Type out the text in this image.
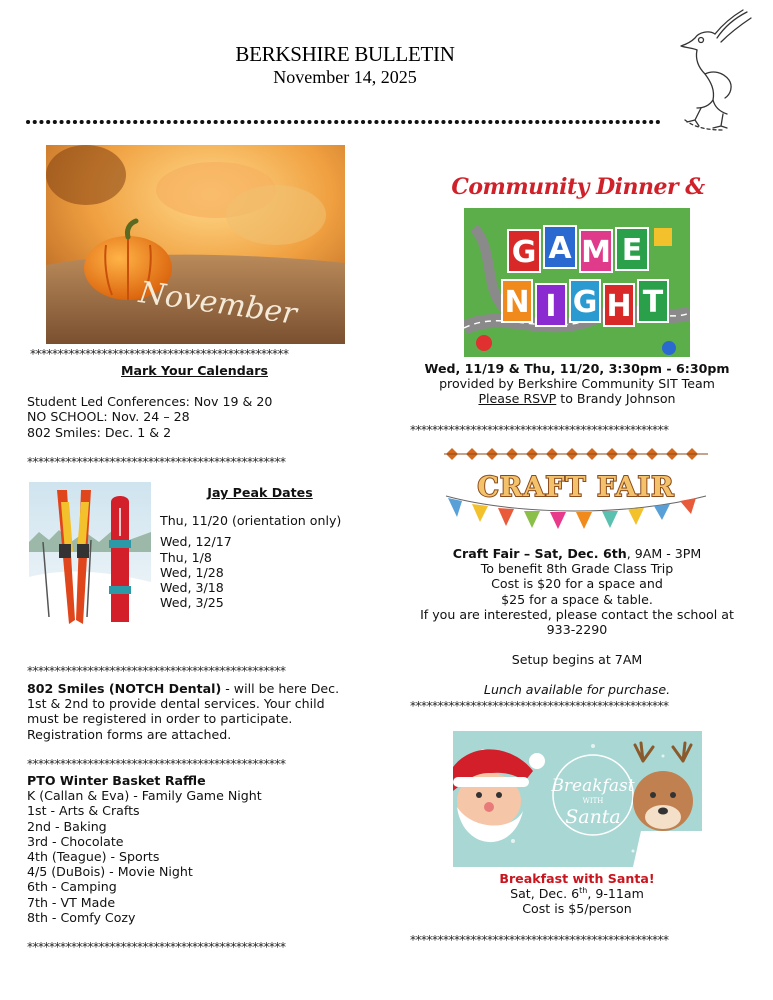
BERKSHIRE BULLETIN
November 14, 2025
November
***********************************************
Mark Your Calendars
Student Led Conferences: Nov 19 & 20
NO SCHOOL: Nov. 24 – 28
802 Smiles: Dec. 1 & 2
***********************************************
Jay Peak Dates
Thu, 11/20 (orientation only)
Wed, 12/17
Thu, 1/8
Wed, 1/28
Wed, 3/18
Wed, 3/25
***********************************************
802 Smiles (NOTCH Dental) - will be here Dec.
1st & 2nd to provide dental services. Your child
must be registered in order to participate.
Registration forms are attached.
***********************************************
PTO Winter Basket Raffle
K (Callan & Eva) - Family Game Night
1st - Arts & Crafts
2nd - Baking
3rd - Chocolate
4th (Teague) - Sports
4/5 (DuBois) - Movie Night
6th - Camping
7th - VT Made
8th - Comfy Cozy
***********************************************
Community Dinner &
G A M E
N I G H T
Wed, 11/19 & Thu, 11/20, 3:30pm - 6:30pm
provided by Berkshire Community SIT Team
Please RSVP to Brandy Johnson
***********************************************
CRAFT FAIR
Craft Fair – Sat, Dec. 6th, 9AM - 3PM
To benefit 8th Grade Class Trip
Cost is $20 for a space and
$25 for a space & table.
If you are interested, please contact the school at
933-2290
Setup begins at 7AM
Lunch available for purchase.
***********************************************
Breakfast
WITH
Santa
Breakfast with Santa!
Sat, Dec. 6th, 9-11am
Cost is $5/person
***********************************************
